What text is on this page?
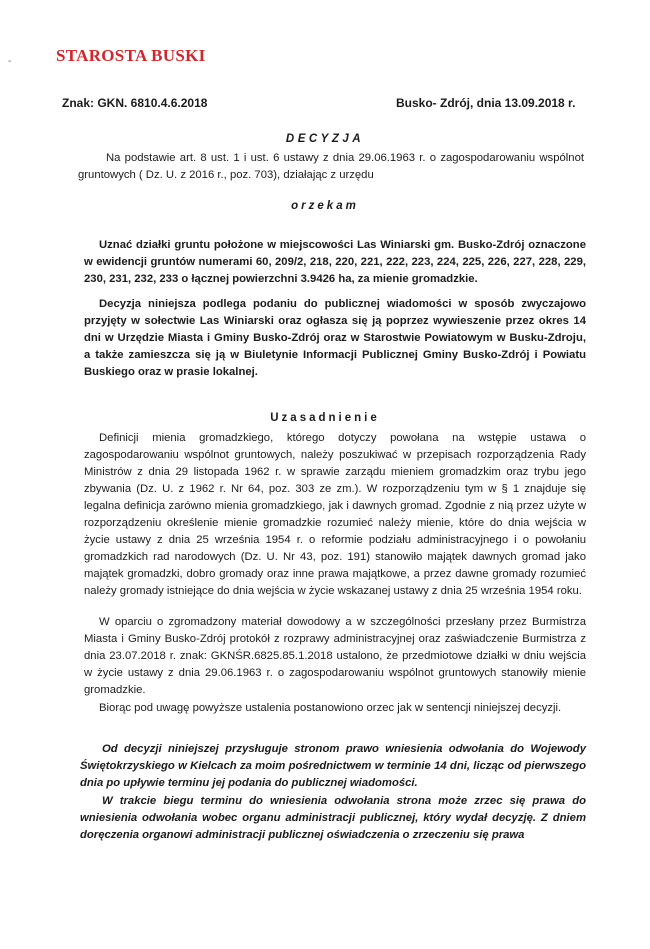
-	STAROSTA BUSKI
Znak: GKN. 6810.4.6.2018	Busko- Zdrój, dnia 13.09.2018 r.
DECYZJA

Na podstawie art. 8 ust. 1 i ust. 6 ustawy z dnia 29.06.1963 r. o zagospodarowaniu wspólnot gruntowych ( Dz. U. z 2016 r., poz. 703), działając z urzędu

orzekam

Uznać działki gruntu położone w miejscowości Las Winiarski gm. Busko-Zdrój oznaczone w ewidencji gruntów numerami 60, 209/2, 218, 220, 221, 222, 223, 224, 225, 226, 227, 228, 229, 230, 231, 232, 233 o łącznej powierzchni 3.9426 ha, za mienie gromadzkie.

Decyzja niniejsza podlega podaniu do publicznej wiadomości w sposób zwyczajowo przyjęty w sołectwie Las Winiarski oraz ogłasza się ją poprzez wywieszenie przez okres 14 dni w Urzędzie Miasta i Gminy Busko-Zdrój oraz w Starostwie Powiatowym w Busku-Zdroju, a także zamieszcza się ją w Biuletynie Informacji Publicznej Gminy Busko-Zdrój i Powiatu Buskiego oraz w prasie lokalnej.

Uzasadnienie

Definicji mienia gromadzkiego, którego dotyczy powołana na wstępie ustawa o zagospodarowaniu wspólnot gruntowych, należy poszukiwać w przepisach rozporządzenia Rady Ministrów z dnia 29 listopada 1962 r. w sprawie zarządu mieniem gromadzkim oraz trybu jego zbywania (Dz. U. z 1962 r. Nr 64, poz. 303 ze zm.). W rozporządzeniu tym w § 1 znajduje się legalna definicja zarówno mienia gromadzkiego, jak i dawnych gromad. Zgodnie z nią przez użyte w rozporządzeniu określenie mienie gromadzkie rozumieć należy mienie, które do dnia wejścia w życie ustawy z dnia 25 września 1954 r. o reformie podziału administracyjnego i o powołaniu gromadzkich rad narodowych (Dz. U. Nr 43, poz. 191) stanowiło majątek dawnych gromad jako majątek gromadzki, dobro gromady oraz inne prawa majątkowe, a przez dawne gromady rozumieć należy gromady istniejące do dnia wejścia w życie wskazanej ustawy z dnia 25 września 1954 roku.

W oparciu o zgromadzony materiał dowodowy a w szczególności przesłany przez Burmistrza Miasta i Gminy Busko-Zdrój protokół z rozprawy administracyjnej oraz zaświadczenie Burmistrza z dnia 23.07.2018 r. znak: GKNŚR.6825.85.1.2018 ustalono, że przedmiotowe działki w dniu wejścia w życie ustawy z dnia 29.06.1963 r. o zagospodarowaniu wspólnot gruntowych stanowiły mienie gromadzkie.

Biorąc pod uwagę powyższe ustalenia postanowiono orzec jak w sentencji niniejszej decyzji.

Od decyzji niniejszej przysługuje stronom prawo wniesienia odwołania do Wojewody Świętokrzyskiego w Kielcach za moim pośrednictwem w terminie 14 dni, licząc od pierwszego dnia po upływie terminu jej podania do publicznej wiadomości.

W trakcie biegu terminu do wniesienia odwołania strona może zrzec się prawa do wniesienia odwołania wobec organu administracji publicznej, który wydał decyzję. Z dniem doręczenia organowi administracji publicznej oświadczenia o zrzeczeniu się prawa
